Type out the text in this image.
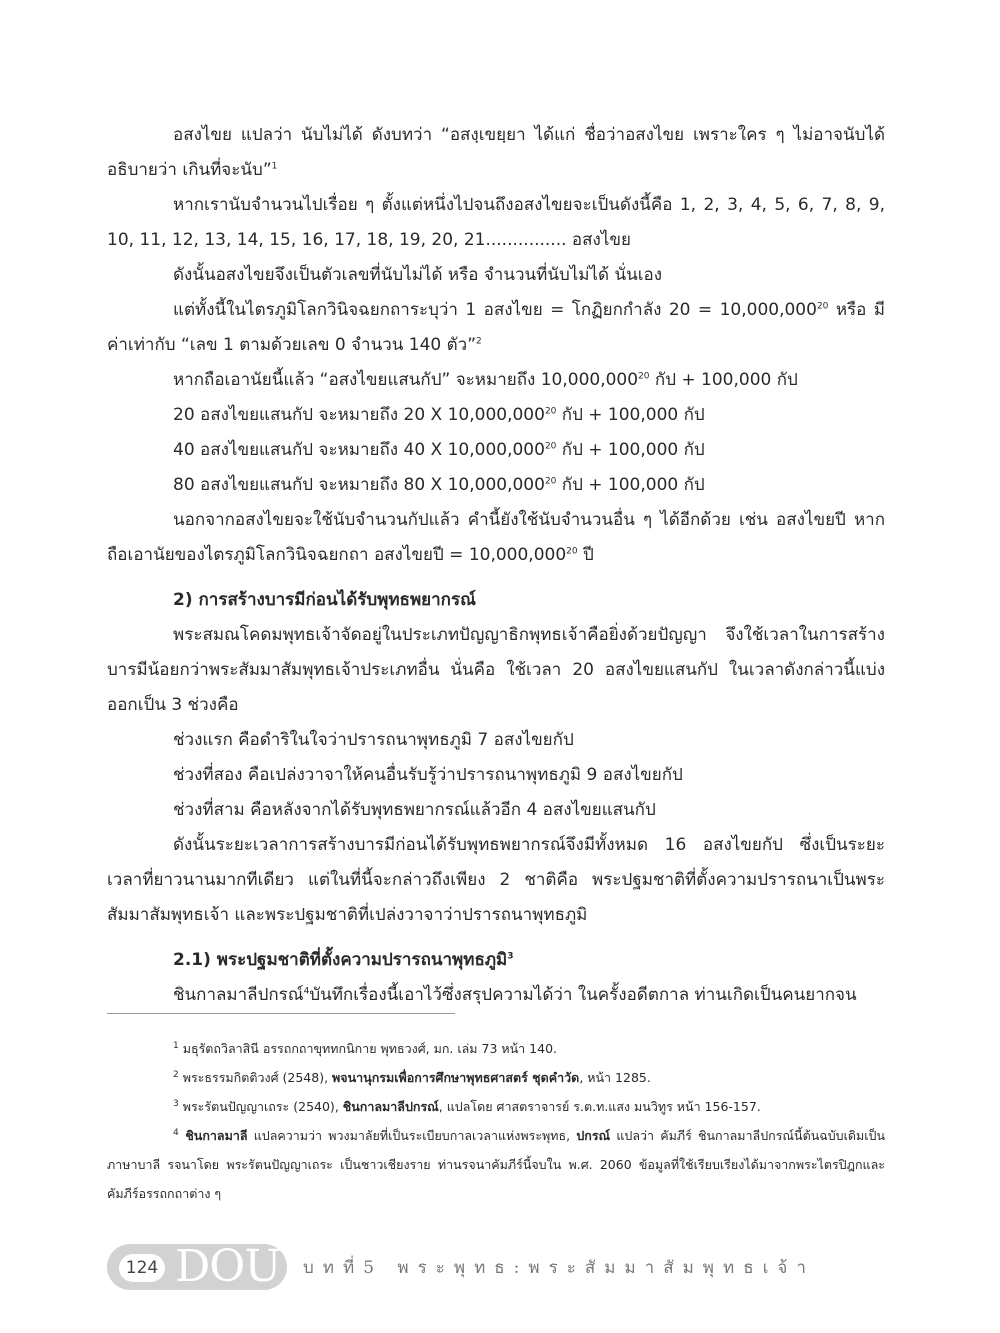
อสงไขย แปลว่า นับไม่ได้ ดังบทว่า “อสงฺเขยฺยา ได้แก่ ชื่อว่าอสงไขย เพราะใคร ๆ ไม่อาจนับได้ อธิบายว่า เกินที่จะนับ”$^1$

หากเรานับจำนวนไปเรื่อย ๆ ตั้งแต่หนึ่งไปจนถึงอสงไขยจะเป็นดังนี้คือ 1, 2, 3, 4, 5, 6, 7, 8, 9, 10, 11, 12, 13, 14, 15, 16, 17, 18, 19, 20, 21............... อสงไขย

ดังนั้นอสงไขยจึงเป็นตัวเลขที่นับไม่ได้ หรือ จำนวนที่นับไม่ได้ นั่นเอง

แต่ทั้งนี้ในไตรภูมิโลกวินิจฉยกถาระบุว่า 1 อสงไขย = โกฏิยกกำลัง $20 = 10,000,000^{20}$ หรือ มีค่าเท่ากับ “เลข 1 ตามด้วยเลข 0 จำนวน 140 ตัว”$^2$

หากถือเอานัยนี้แล้ว “อสงไขยแสนกัป” จะหมายถึง 10,000,000$^{20}$ กัป + 100,000 กัป

20 อสงไขยแสนกัป จะหมายถึง 20 X 10,000,000$^{20}$ กัป + 100,000 กัป

40 อสงไขยแสนกัป จะหมายถึง 40 X 10,000,000$^{20}$ กัป + 100,000 กัป

80 อสงไขยแสนกัป จะหมายถึง 80 X 10,000,000$^{20}$ กัป + 100,000 กัป

นอกจากอสงไขยจะใช้นับจำนวนกัปแล้ว คำนี้ยังใช้นับจำนวนอื่น ๆ ได้อีกด้วย เช่น อสงไขยปี หากถือเอานัยของไตรภูมิโลกวินิจฉยกถา อสงไขยปี = $10,000,000^{20}$ ปี

2) การสร้างบารมีก่อนได้รับพุทธพยากรณ์

พระสมณโคดมพุทธเจ้าจัดอยู่ในประเภทปัญญาธิกพุทธเจ้าคือยิ่งด้วยปัญญา จึงใช้เวลาในการสร้างบารมีน้อยกว่าพระสัมมาสัมพุทธเจ้าประเภทอื่น นั่นคือ ใช้เวลา 20 อสงไขยแสนกัป ในเวลาดังกล่าวนี้แบ่งออกเป็น 3 ช่วงคือ

ช่วงแรก คือดำริในใจว่าปรารถนาพุทธภูมิ 7 อสงไขยกัป

ช่วงที่สอง คือเปล่งวาจาให้คนอื่นรับรู้ว่าปรารถนาพุทธภูมิ 9 อสงไขยกัป

ช่วงที่สาม คือหลังจากได้รับพุทธพยากรณ์แล้วอีก 4 อสงไขยแสนกัป

ดังนั้นระยะเวลาการสร้างบารมีก่อนได้รับพุทธพยากรณ์จึงมีทั้งหมด 16 อสงไขยกัป ซึ่งเป็นระยะเวลาที่ยาวนานมากทีเดียว แต่ในที่นี้จะกล่าวถึงเพียง 2 ชาติคือ พระปฐมชาติที่ตั้งความปรารถนาเป็นพระสัมมาสัมพุทธเจ้า และพระปฐมชาติที่เปล่งวาจาว่าปรารถนาพุทธภูมิ

2.1) พระปฐมชาติที่ตั้งความปรารถนาพุทธภูมิ$^3$

ชินกาลมาลีปกรณ์$^4$บันทึกเรื่องนี้เอาไว้ซึ่งสรุปความได้ว่า ในครั้งอดีตกาล ท่านเกิดเป็นคนยากจน

$^1$ มธุรัตถวิลาสินี อรรถกถาขุททกนิกาย พุทธวงศ์, มก. เล่ม 73 หน้า 140.

$^2$ พระธรรมกิตติวงศ์ (2548), พจนานุกรมเพื่อการศึกษาพุทธศาสตร์ ชุดคำวัด, หน้า 1285.

$^3$ พระรัตนปัญญาเถระ (2540), ชินกาลมาลีปกรณ์, แปลโดย ศาสตราจารย์ ร.ต.ท.แสง มนวิทูร หน้า 156-157.

$^4$ ชินกาลมาลี แปลความว่า พวงมาลัยที่เป็นระเบียบกาลเวลาแห่งพระพุทธ, ปกรณ์ แปลว่า คัมภีร์ ชินกาลมาลีปกรณ์นี้ต้นฉบับเดิมเป็นภาษาบาลี รจนาโดย พระรัตนปัญญาเถระ เป็นชาวเชียงราย ท่านรจนาคัมภีร์นี้จบใน พ.ศ. 2060 ข้อมูลที่ใช้เรียบเรียงได้มาจากพระไตรปิฎกและคัมภีร์อรรถกถาต่าง ๆ

124 DOU บทที่5 พระพุทธ:พระสัมมาสัมพุทธเจ้า
